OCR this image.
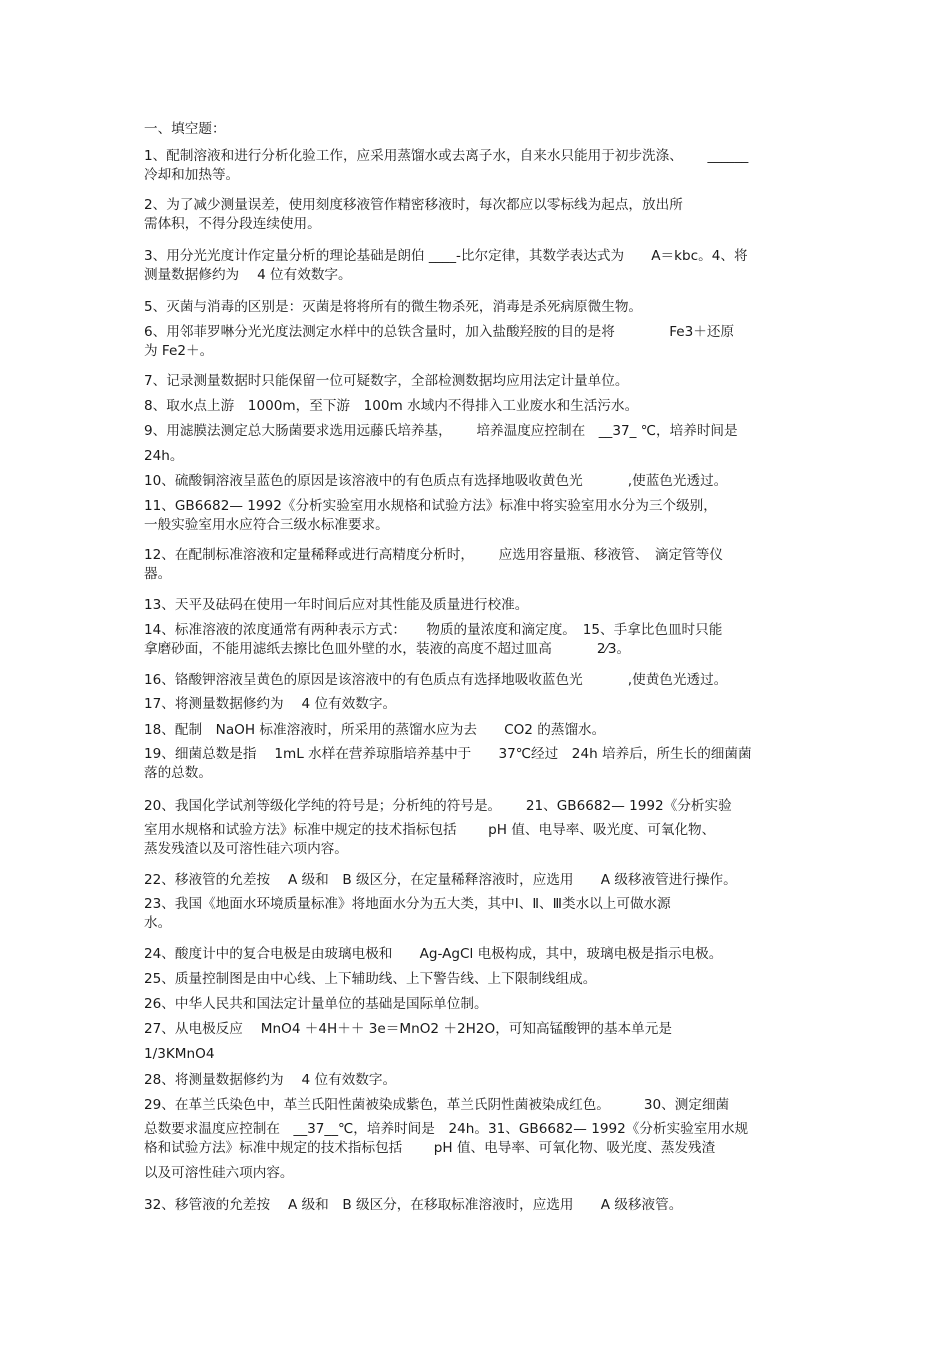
一、填空题：
1、配制溶液和进行分析化验工作，应采用蒸馏水或去离子水，自来水只能用于初步洗涤、　　 ______
冷却和加热等。
2、为了减少测量误差，使用刻度移液管作精密移液时，每次都应以零标线为起点，放出所
需体积，不得分段连续使用。
3、用分光光度计作定量分析的理论基础是朗伯 ____-比尔定律，其数学表达式为　　A＝kbc。4、将
测量数据修约为　 4 位有效数字。
5、灭菌与消毒的区别是：灭菌是将将所有的微生物杀死，消毒是杀死病原微生物。
6、用邻菲罗啉分光光度法测定水样中的总铁含量时，加入盐酸羟胺的目的是将　　　　Fe3＋还原
为 Fe2＋。
7、记录测量数据时只能保留一位可疑数字，全部检测数据均应用法定计量单位。
8、取水点上游　1000m，至下游　100m 水域内不得排入工业废水和生活污水。
9、用滤膜法测定总大肠菌要求选用远藤氏培养基，　　 培养温度应控制在　__37_ ℃，培养时间是
24h。
10、硫酸铜溶液呈蓝色的原因是该溶液中的有色质点有选择地吸收黄色光　　　 ,使蓝色光透过。
11、GB6682— 1992《分析实验室用水规格和试验方法》标准中将实验室用水分为三个级别，
一般实验室用水应符合三级水标准要求。
12、在配制标准溶液和定量稀释或进行高精度分析时，　　 应选用容量瓶、移液管、　滴定管等仪
器。
13、天平及砝码在使用一年时间后应对其性能及质量进行校准。
14、标准溶液的浓度通常有两种表示方式：　　物质的量浓度和滴定度。　15、手拿比色皿时只能
拿磨砂面，不能用滤纸去擦比色皿外壁的水，装液的高度不超过皿高　　　 2⁄3。
16、铬酸钾溶液呈黄色的原因是该溶液中的有色质点有选择地吸收蓝色光　　　 ,使黄色光透过。
17、将测量数据修约为　 4 位有效数字。
18、配制　NaOH 标准溶液时，所采用的蒸馏水应为去　　CO2 的蒸馏水。
19、细菌总数是指　 1mL 水样在营养琼脂培养基中于　　37℃经过　24h 培养后，所生长的细菌菌
落的总数。
20、我国化学试剂等级化学纯的符号是；分析纯的符号是。　　 21、GB6682— 1992《分析实验
室用水规格和试验方法》标准中规定的技术指标包括　　 pH 值、电导率、吸光度、可氧化物、
蒸发残渣以及可溶性硅六项内容。
22、移液管的允差按　 A 级和　B 级区分，在定量稀释溶液时，应选用　　A 级移液管进行操作。
23、我国《地面水环境质量标准》将地面水分为五大类，其中Ⅰ、Ⅱ、Ⅲ类水以上可做水源
水。
24、酸度计中的复合电极是由玻璃电极和　　Ag-AgCl 电极构成，其中，玻璃电极是指示电极。
25、质量控制图是由中心线、上下辅助线、上下警告线、上下限制线组成。
26、中华人民共和国法定计量单位的基础是国际单位制。
27、从电极反应　 MnO4 ＋4H＋＋ 3e＝MnO2 ＋2H2O，可知高锰酸钾的基本单元是
1/3KMnO4
28、将测量数据修约为　 4 位有效数字。
29、在革兰氏染色中，革兰氏阳性菌被染成紫色，革兰氏阴性菌被染成红色。　　　30、测定细菌
总数要求温度应控制在　__37__℃，培养时间是　24h。31、GB6682— 1992《分析实验室用水规
格和试验方法》标准中规定的技术指标包括　　 pH 值、电导率、可氧化物、吸光度、蒸发残渣
以及可溶性硅六项内容。
32、移管液的允差按　 A 级和　B 级区分，在移取标准溶液时，应选用　　A 级移液管。
